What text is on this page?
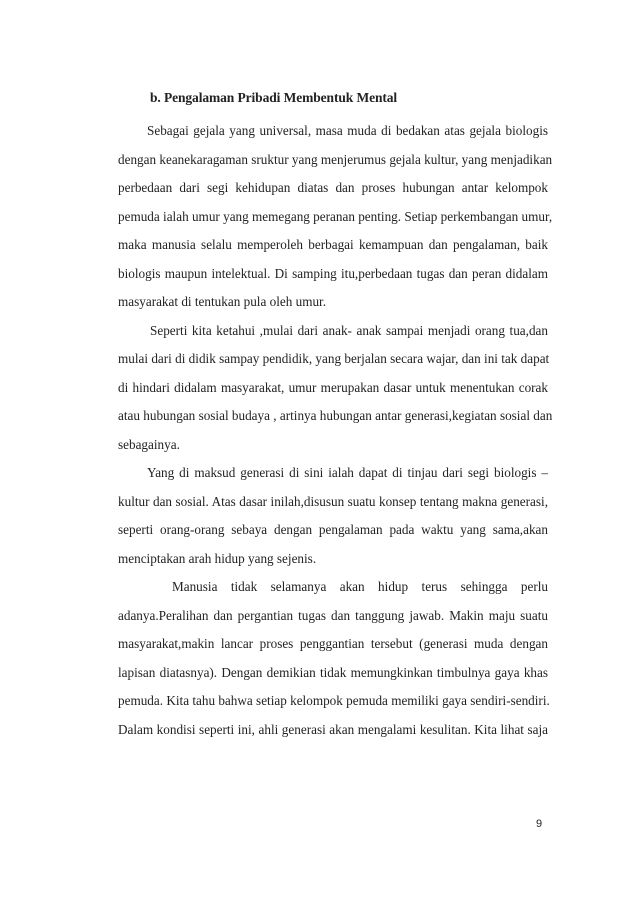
b. Pengalaman Pribadi Membentuk Mental
Sebagai gejala yang universal, masa muda di bedakan atas gejala biologis
dengan keanekaragaman sruktur yang menjerumus gejala kultur, yang menjadikan
perbedaan dari segi kehidupan diatas dan proses hubungan antar kelompok
pemuda ialah umur yang memegang peranan penting. Setiap perkembangan umur,
maka manusia selalu memperoleh berbagai kemampuan dan pengalaman, baik
biologis maupun intelektual. Di samping itu,perbedaan tugas dan peran didalam
masyarakat di tentukan pula oleh umur.
Seperti kita ketahui ,mulai dari anak- anak sampai menjadi orang tua,dan
mulai dari di didik sampay pendidik, yang berjalan secara wajar, dan ini tak dapat
di hindari didalam masyarakat, umur merupakan dasar untuk menentukan corak
atau hubungan sosial budaya , artinya hubungan antar generasi,kegiatan sosial dan
sebagainya.
Yang di maksud generasi di sini ialah dapat di tinjau dari segi biologis –
kultur dan sosial. Atas dasar inilah,disusun suatu konsep tentang makna generasi,
seperti orang-orang sebaya dengan pengalaman pada waktu yang sama,akan
menciptakan arah hidup yang sejenis.
Manusia tidak selamanya akan hidup terus sehingga perlu
adanya.Peralihan dan pergantian tugas dan tanggung jawab. Makin maju suatu
masyarakat,makin lancar proses penggantian tersebut (generasi muda dengan
lapisan diatasnya). Dengan demikian tidak memungkinkan timbulnya gaya khas
pemuda. Kita tahu bahwa setiap kelompok pemuda memiliki gaya sendiri-sendiri.
Dalam kondisi seperti ini, ahli generasi akan mengalami kesulitan. Kita lihat saja
9
